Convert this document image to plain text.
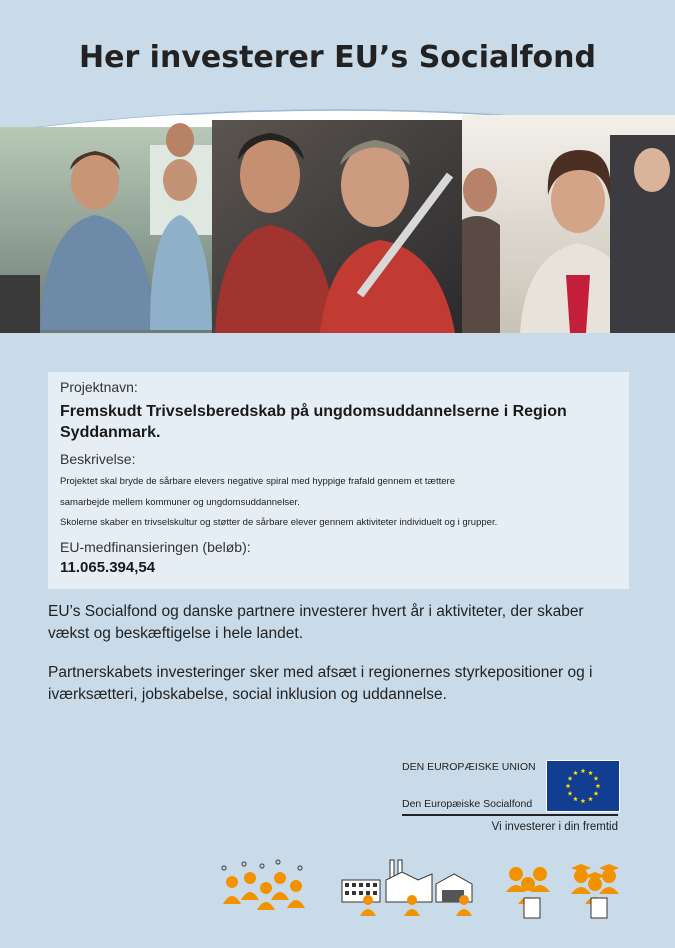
Her investerer EU’s Socialfond
Projektnavn:
Fremskudt Trivselsberedskab på ungdomsuddannelserne i Region
Syddanmark.
Beskrivelse:
Projektet skal bryde de sårbare elevers negative spiral med hyppige frafald gennem et tættere
samarbejde mellem kommuner og ungdomsuddannelser.
Skolerne skaber en trivselskultur og støtter de sårbare elever gennem aktiviteter individuelt og i grupper.
EU-medfinansieringen (beløb):
11.065.394,54

EU’s Socialfond og danske partnere investerer hvert år i aktiviteter, der skaber vækst og beskæftigelse i hele landet.

Partnerskabets investeringer sker med afsæt i regionernes styrkepositioner og i iværksætteri, jobskabelse, social inklusion og uddannelse.

DEN EUROPÆISKE UNION
Den Europæiske Socialfond
Vi investerer i din fremtid
